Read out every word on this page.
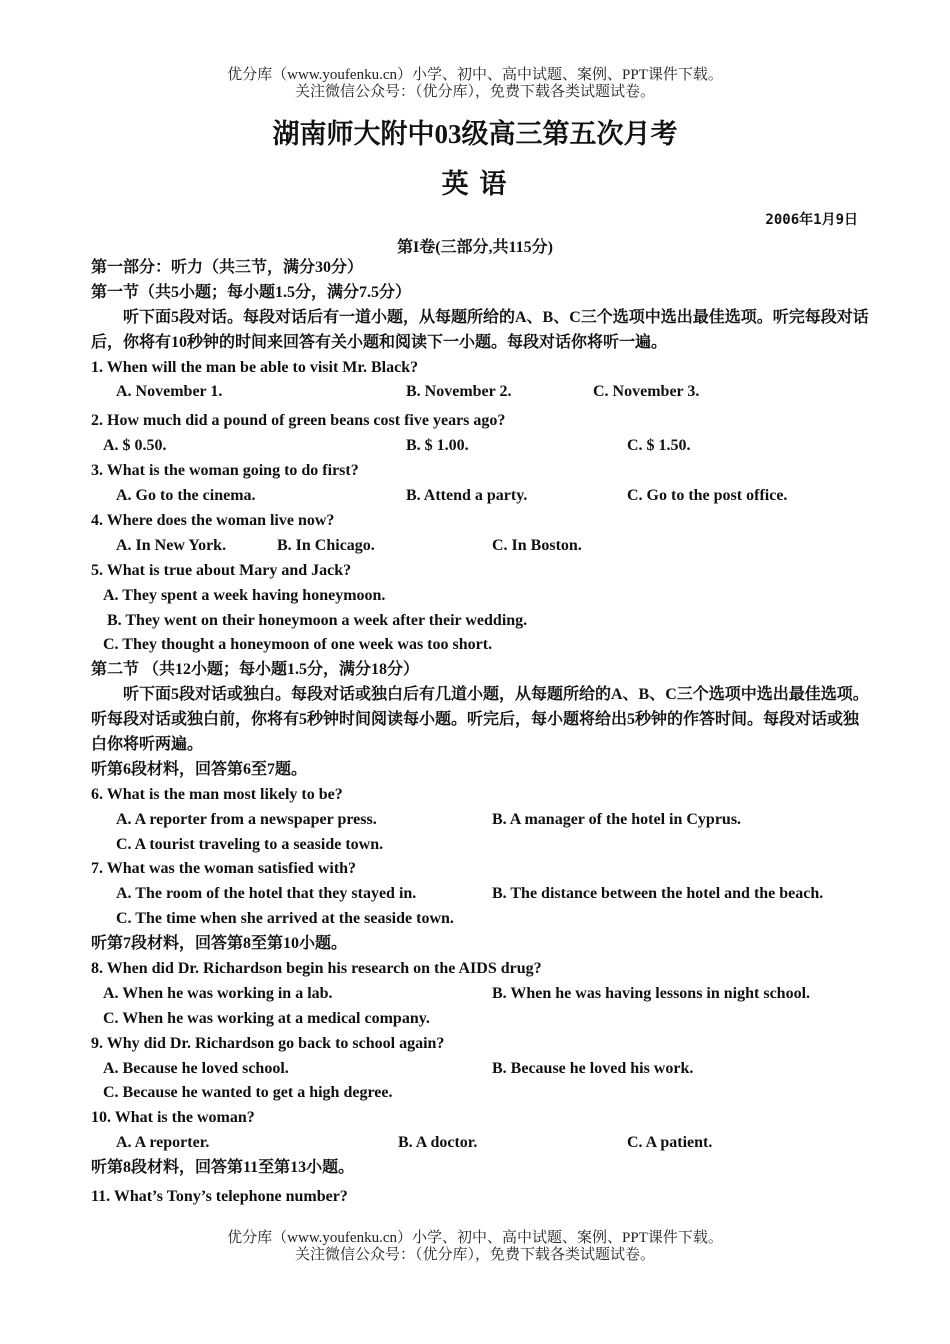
优分库（www.youfenku.cn）小学、初中、高中试题、案例、PPT课件下载。
关注微信公众号：（优分库），免费下载各类试题试卷。
湖南师大附中03级高三第五次月考
英 语
2006年1月9日
第I卷(三部分,共115分)
第一部分：听力（共三节，满分30分）
第一节（共5小题；每小题1.5分，满分7.5分）
听下面5段对话。每段对话后有一道小题，从每题所给的A、B、C三个选项中选出最佳选项。听完每段对话后，你将有10秒钟的时间来回答有关小题和阅读下一小题。每段对话你将听一遍。
1. When will the man be able to visit Mr. Black?
A. November 1.	B. November 2.	C. November 3.
2. How much did a pound of green beans cost five years ago?
A. $ 0.50.	B. $ 1.00.	C. $ 1.50.
3. What is the woman going to do first?
A. Go to the cinema.	B. Attend a party.	C. Go to the post office.
4. Where does the woman live now?
A. In New York.	B. In Chicago.	C. In Boston.
5. What is true about Mary and Jack?
A. They spent a week having honeymoon.
B. They went on their honeymoon a week after their wedding.
C. They thought a honeymoon of one week was too short.
第二节 （共12小题；每小题1.5分，满分18分）
听下面5段对话或独白。每段对话或独白后有几道小题，从每题所给的A、B、C三个选项中选出最佳选项。听每段对话或独白前，你将有5秒钟时间阅读每小题。听完后，每小题将给出5秒钟的作答时间。每段对话或独白你将听两遍。
听第6段材料，回答第6至7题。
6. What is the man most likely to be?
A. A reporter from a newspaper press.	B. A manager of the hotel in Cyprus.
C. A tourist traveling to a seaside town.
7. What was the woman satisfied with?
A. The room of the hotel that they stayed in.	B. The distance between the hotel and the beach.
C. The time when she arrived at the seaside town.
听第7段材料，回答第8至第10小题。
8. When did Dr. Richardson begin his research on the AIDS drug?
A. When he was working in a lab.	B. When he was having lessons in night school.
C. When he was working at a medical company.
9. Why did Dr. Richardson go back to school again?
A. Because he loved school.	B. Because he loved his work.
C. Because he wanted to get a high degree.
10. What is the woman?
A. A reporter.	B. A doctor.	C. A patient.
听第8段材料，回答第11至第13小题。
11. What’s Tony’s telephone number?
优分库（www.youfenku.cn）小学、初中、高中试题、案例、PPT课件下载。
关注微信公众号：（优分库），免费下载各类试题试卷。
